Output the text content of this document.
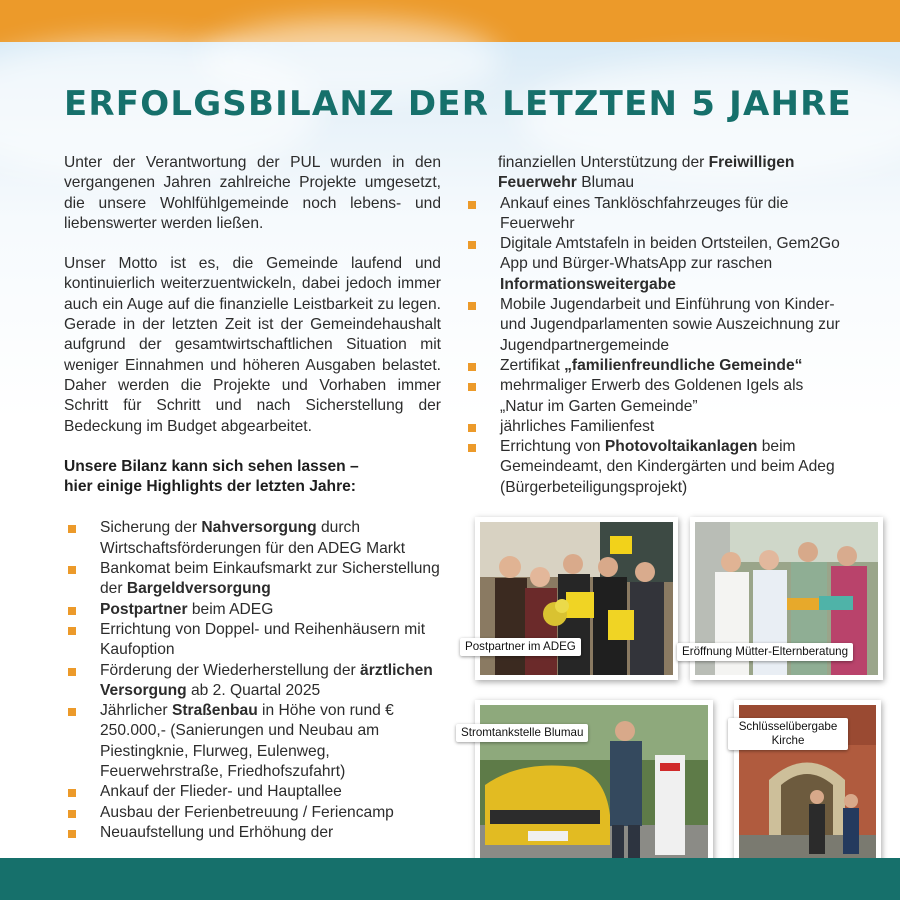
ERFOLGSBILANZ DER LETZTEN 5 JAHRE

Unter der Verantwortung der PUL wurden in den vergangenen Jahren zahlreiche Projekte umgesetzt, die unsere Wohlfühlgemeinde noch lebens- und liebenswerter werden ließen.

Unser Motto ist es, die Gemeinde laufend und kontinuierlich weiterzuentwickeln, dabei jedoch immer auch ein Auge auf die finanzielle Leistbarkeit zu legen. Gerade in der letzten Zeit ist der Gemeindehaushalt aufgrund der gesamtwirtschaftlichen Situation mit weniger Einnahmen und höheren Ausgaben belastet. Daher werden die Projekte und Vorhaben immer Schritt für Schritt und nach Sicherstellung der Bedeckung im Budget abgearbeitet.

Unsere Bilanz kann sich sehen lassen –
hier einige Highlights der letzten Jahre:

Sicherung der Nahversorgung durch Wirtschaftsförderungen für den ADEG Markt
Bankomat beim Einkaufsmarkt zur Sicherstellung der Bargeldversorgung
Postpartner beim ADEG
Errichtung von Doppel- und Reihenhäusern mit Kaufoption
Förderung der Wiederherstellung der ärztlichen Versorgung ab 2. Quartal 2025
Jährlicher Straßenbau in Höhe von rund € 250.000,- (Sanierungen und Neubau am Piestingknie, Flurweg, Eulenweg, Feuerwehrstraße, Friedhofszufahrt)
Ankauf der Flieder- und Hauptallee
Ausbau der Ferienbetreuung / Feriencamp
Neuaufstellung und Erhöhung der
finanziellen Unterstützung der Freiwilligen Feuerwehr Blumau
Ankauf eines Tanklöschfahrzeuges für die Feuerwehr
Digitale Amtstafeln in beiden Ortsteilen, Gem2Go App und Bürger-WhatsApp zur raschen Informationsweitergabe
Mobile Jugendarbeit und Einführung von Kinder- und Jugendparlamenten sowie Auszeichnung zur Jugendpartnergemeinde
Zertifikat „familienfreundliche Gemeinde“
mehrmaliger Erwerb des Goldenen Igels als „Natur im Garten Gemeinde”
jährliches Familienfest
Errichtung von Photovoltaikanlagen beim Gemeindeamt, den Kindergärten und beim Adeg (Bürgerbeteiligungsprojekt)
Postpartner im ADEG	Eröffnung Mütter-Elternberatung
Stromtankstelle Blumau	Schlüsselübergabe
Kirche
